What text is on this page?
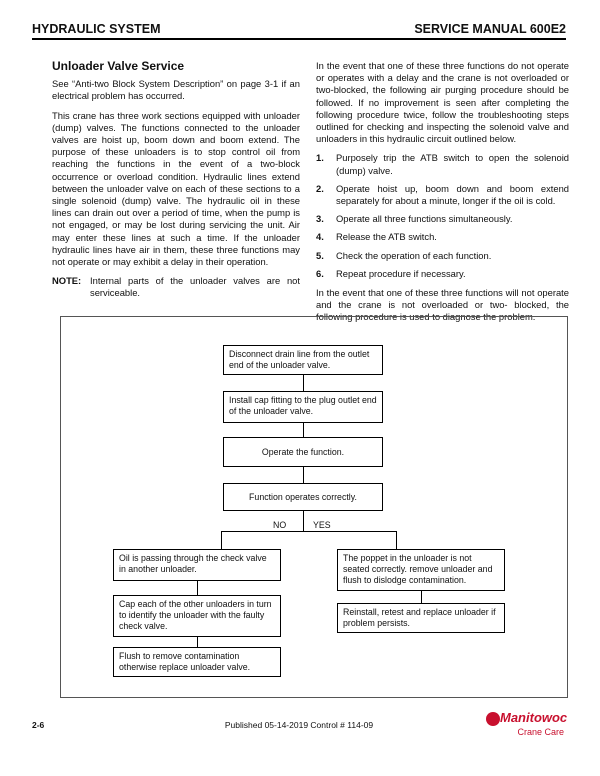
HYDRAULIC SYSTEM	SERVICE MANUAL 600E2
Unloader Valve Service

See “Anti-two Block System Description” on page 3-1 if an electrical problem has occurred.

This crane has three work sections equipped with unloader (dump) valves. The functions connected to the unloader valves are hoist up, boom down and boom extend. The purpose of these unloaders is to stop control oil from reaching the functions in the event of a two-block occurrence or overload condition. Hydraulic lines extend between the unloader valve on each of these sections to a single solenoid (dump) valve. The hydraulic oil in these lines can drain out over a period of time, when the pump is not engaged, or may be lost during servicing the unit. Air may enter these lines at such a time. If the unloader hydraulic lines have air in them, these three functions may not operate or may exhibit a delay in their operation.

NOTE: Internal parts of the unloader valves are not serviceable.

In the event that one of these three functions do not operate or operates with a delay and the crane is not overloaded or two-blocked, the following air purging procedure should be followed. If no improvement is seen after completing the following procedure twice, follow the troubleshooting steps outlined for checking and inspecting the solenoid valve and unloaders in this hydraulic circuit outlined below.

1.	Purposely trip the ATB switch to open the solenoid (dump) valve.
2.	Operate hoist up, boom down and boom extend separately for about a minute, longer if the oil is cold.
3.	Operate all three functions simultaneously.
4.	Release the ATB switch.
5.	Check the operation of each function.
6.	Repeat procedure if necessary.

In the event that one of these three functions will not operate and the crane is not overloaded or two- blocked, the following procedure is used to diagnose the problem.

Disconnect drain line from the outlet end of the unloader valve.
Install cap fitting to the plug outlet end of the unloader valve.
Operate the function.
Function operates correctly.
NO	YES
Oil is passing through the check valve in another unloader.
Cap each of the other unloaders in turn to identify the unloader with the faulty check valve.
Flush to remove contamination otherwise replace unloader valve.
The poppet in the unloader is not seated correctly. remove unloader and flush to dislodge contamination.
Reinstall, retest and replace unloader if problem persists.
2-6	Published 05-14-2019 Control # 114-09	Manitowoc
Crane Care
